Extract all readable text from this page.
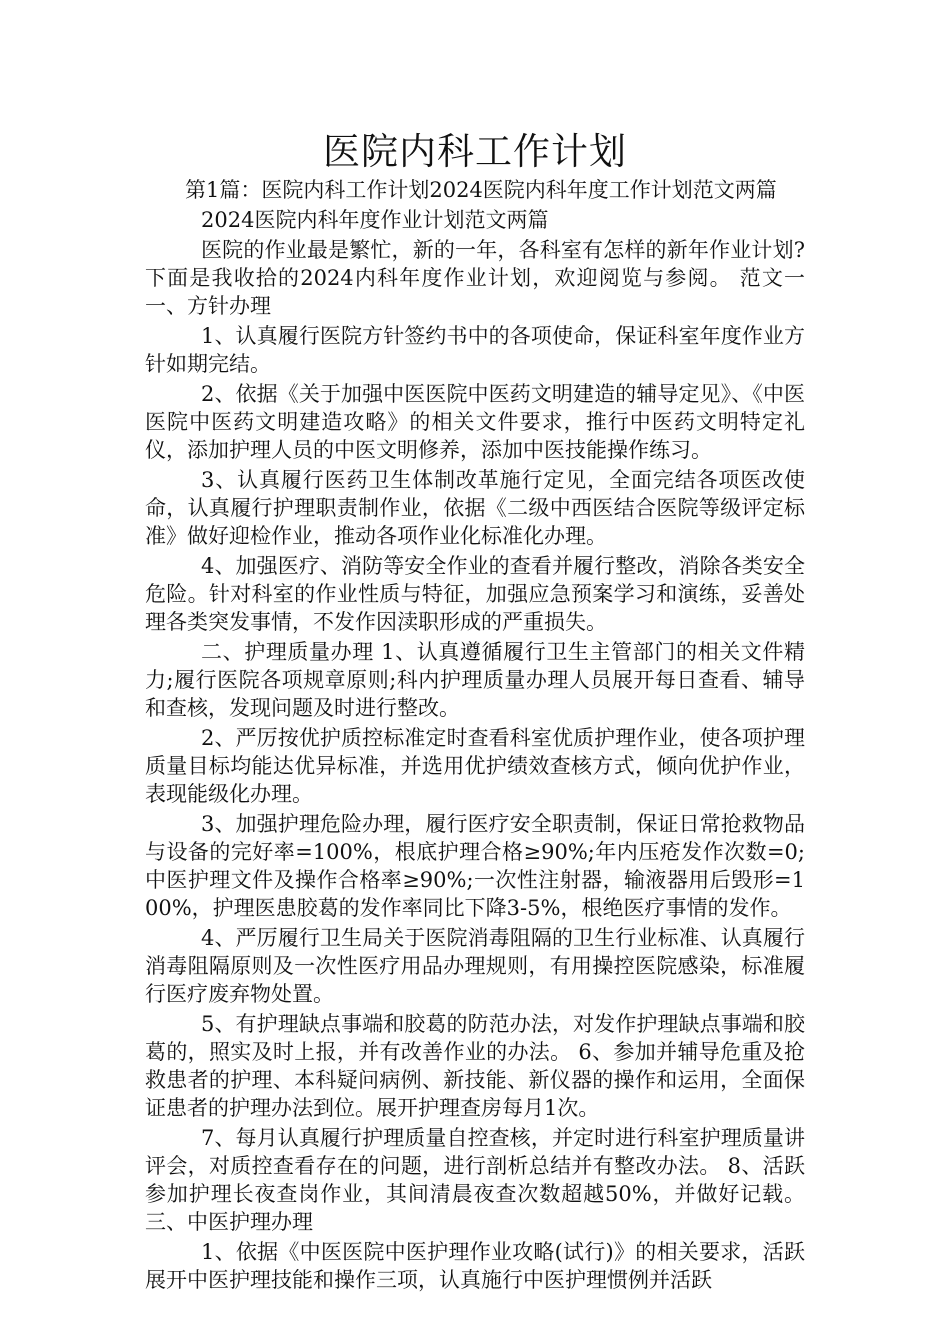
医院内科工作计划

第1篇：医院内科工作计划2024医院内科年度工作计划范文两篇

2024医院内科年度作业计划范文两篇

医院的作业最是繁忙，新的一年，各科室有怎样的新年作业计划?下面是我收拾的2024内科年度作业计划，欢迎阅览与参阅。 范文一 一、方针办理

1、认真履行医院方针签约书中的各项使命，保证科室年度作业方针如期完结。

2、依据《关于加强中医医院中医药文明建造的辅导定见》、《中医医院中医药文明建造攻略》的相关文件要求，推行中医药文明特定礼仪，添加护理人员的中医文明修养，添加中医技能操作练习。

3、认真履行医药卫生体制改革施行定见，全面完结各项医改使命，认真履行护理职责制作业，依据《二级中西医结合医院等级评定标准》做好迎检作业，推动各项作业化标准化办理。

4、加强医疗、消防等安全作业的查看并履行整改，消除各类安全危险。针对科室的作业性质与特征，加强应急预案学习和演练，妥善处理各类突发事情，不发作因渎职形成的严重损失。

二、护理质量办理 1、认真遵循履行卫生主管部门的相关文件精力;履行医院各项规章原则;科内护理质量办理人员展开每日查看、辅导和查核，发现问题及时进行整改。

2、严厉按优护质控标准定时查看科室优质护理作业，使各项护理质量目标均能达优异标准，并选用优护绩效查核方式，倾向优护作业，表现能级化办理。

3、加强护理危险办理，履行医疗安全职责制，保证日常抢救物品与设备的完好率=100%，根底护理合格≥90%;年内压疮发作次数=0;中医护理文件及操作合格率≥90%;一次性注射器，输液器用后毁形=100%，护理医患胶葛的发作率同比下降3-5%，根绝医疗事情的发作。

4、严厉履行卫生局关于医院消毒阻隔的卫生行业标准、认真履行消毒阻隔原则及一次性医疗用品办理规则，有用操控医院感染，标准履行医疗废弃物处置。

5、有护理缺点事端和胶葛的防范办法，对发作护理缺点事端和胶葛的，照实及时上报，并有改善作业的办法。 6、参加并辅导危重及抢救患者的护理、本科疑问病例、新技能、新仪器的操作和运用，全面保证患者的护理办法到位。展开护理查房每月1次。

7、每月认真履行护理质量自控查核，并定时进行科室护理质量讲评会，对质控查看存在的问题，进行剖析总结并有整改办法。 8、活跃参加护理长夜查岗作业，其间清晨夜查次数超越50%，并做好记载。 三、中医护理办理

1、依据《中医医院中医护理作业攻略(试行)》的相关要求，活跃展开中医护理技能和操作三项，认真施行中医护理惯例并活跃
